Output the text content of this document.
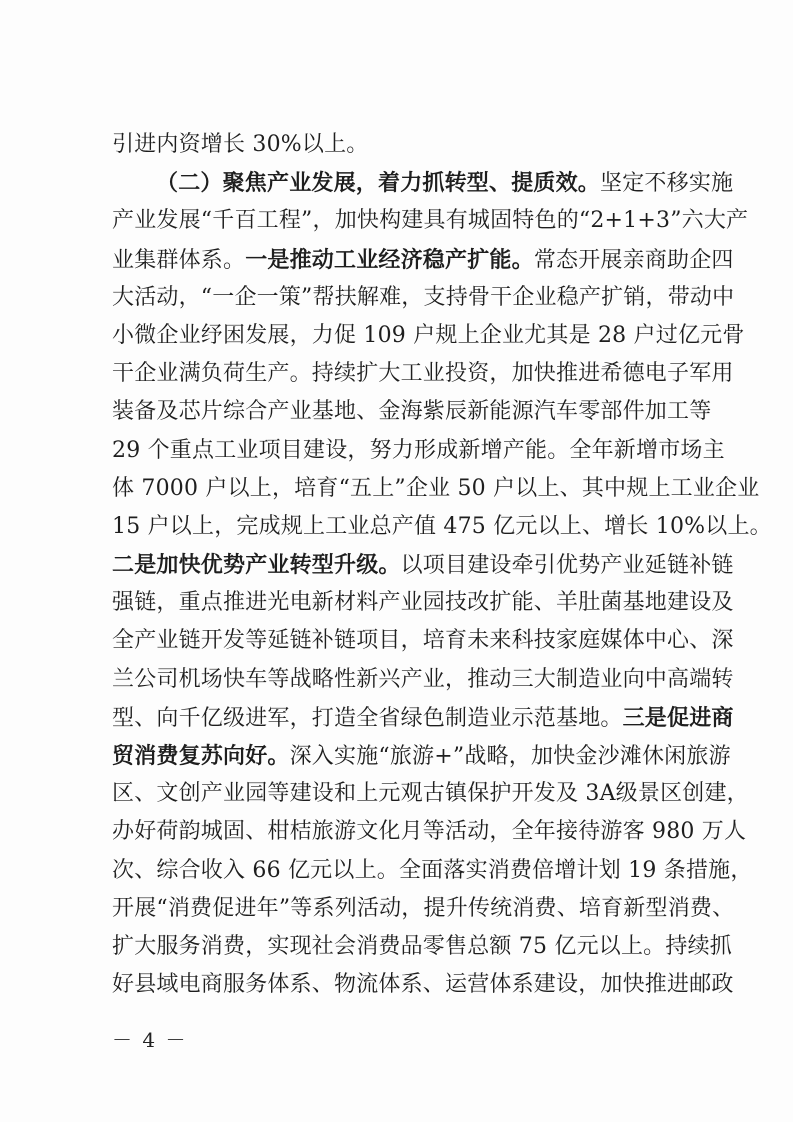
引进内资增长 30%以上。
（二）聚焦产业发展，着力抓转型、提质效。坚定不移实施
产业发展“千百工程”，加快构建具有城固特色的“2+1+3”六大产
业集群体系。一是推动工业经济稳产扩能。常态开展亲商助企四
大活动，“一企一策”帮扶解难，支持骨干企业稳产扩销，带动中
小微企业纾困发展，力促 109 户规上企业尤其是 28 户过亿元骨
干企业满负荷生产。持续扩大工业投资，加快推进希德电子军用
装备及芯片综合产业基地、金海紫辰新能源汽车零部件加工等
29 个重点工业项目建设，努力形成新增产能。全年新增市场主
体 7000 户以上，培育“五上”企业 50 户以上、其中规上工业企业
15 户以上，完成规上工业总产值 475 亿元以上、增长 10%以上。
二是加快优势产业转型升级。以项目建设牵引优势产业延链补链
强链，重点推进光电新材料产业园技改扩能、羊肚菌基地建设及
全产业链开发等延链补链项目，培育未来科技家庭媒体中心、深
兰公司机场快车等战略性新兴产业，推动三大制造业向中高端转
型、向千亿级进军，打造全省绿色制造业示范基地。三是促进商
贸消费复苏向好。深入实施“旅游+”战略，加快金沙滩休闲旅游
区、文创产业园等建设和上元观古镇保护开发及 3A级景区创建，
办好荷韵城固、柑桔旅游文化月等活动，全年接待游客 980 万人
次、综合收入 66 亿元以上。全面落实消费倍增计划 19 条措施，
开展“消费促进年”等系列活动，提升传统消费、培育新型消费、
扩大服务消费，实现社会消费品零售总额 75 亿元以上。持续抓
好县域电商服务体系、物流体系、运营体系建设，加快推进邮政
－ 4 －
